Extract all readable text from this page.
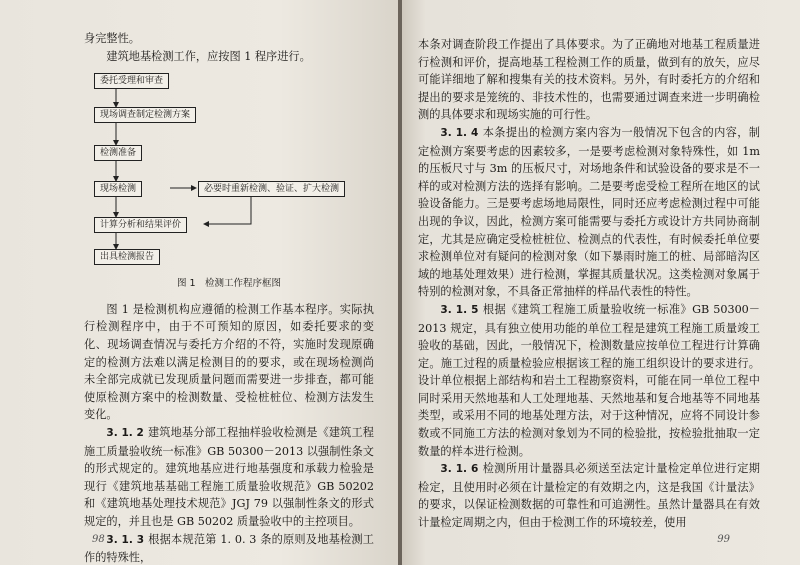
身完整性。

建筑地基检测工作，应按图 1 程序进行。

委托受理和审查
现场调查制定检测方案
检测准备
现场检测	必要时重新检测、验证、扩大检测
计算分析和结果评价
出具检测报告

图 1　检测工作程序框图

图 1 是检测机构应遵循的检测工作基本程序。实际执行检测程序中，由于不可预知的原因，如委托要求的变化、现场调查情况与委托方介绍的不符，实施时发现原确定的检测方法难以满足检测目的的要求，或在现场检测尚未全部完成就已发现质量问题而需要进一步排查，都可能使原检测方案中的检测数量、受检桩桩位、检测方法发生变化。

3. 1. 2 建筑地基分部工程抽样验收检测是《建筑工程施工质量验收统一标准》GB 50300－2013 以强制性条文的形式规定的。建筑地基应进行地基强度和承载力检验是现行《建筑地基基础工程施工质量验收规范》GB 50202 和《建筑地基处理技术规范》JGJ 79 以强制性条文的形式规定的，并且也是 GB 50202 质量验收中的主控项目。

3. 1. 3 根据本规范第 1. 0. 3 条的原则及地基检测工作的特殊性，

98

本条对调查阶段工作提出了具体要求。为了正确地对地基工程质量进行检测和评价，提高地基工程检测工作的质量，做到有的放矢，应尽可能详细地了解和搜集有关的技术资料。另外，有时委托方的介绍和提出的要求是笼统的、非技术性的，也需要通过调查来进一步明确检测的具体要求和现场实施的可行性。

3. 1. 4 本条提出的检测方案内容为一般情况下包含的内容，制定检测方案要考虑的因素较多，一是要考虑检测对象特殊性，如 1m 的压板尺寸与 3m 的压板尺寸，对场地条件和试验设备的要求是不一样的或对检测方法的选择有影响。二是要考虑受检工程所在地区的试验设备能力。三是要考虑场地局限性，同时还应考虑检测过程中可能出现的争议，因此，检测方案可能需要与委托方或设计方共同协商制定，尤其是应确定受检桩桩位、检测点的代表性，有时候委托单位要求检测单位对有疑问的检测对象（如下暴雨时施工的桩、局部暗沟区域的地基处理效果）进行检测，掌握其质量状况。这类检测对象属于特别的检测对象，不具备正常抽样的样品代表性的特性。

3. 1. 5 根据《建筑工程施工质量验收统一标准》GB 50300－2013 规定，具有独立使用功能的单位工程是建筑工程施工质量竣工验收的基础，因此，一般情况下，检测数量应按单位工程进行计算确定。施工过程的质量检验应根据该工程的施工组织设计的要求进行。设计单位根据上部结构和岩土工程勘察资料，可能在同一单位工程中同时采用天然地基和人工处理地基、天然地基和复合地基等不同地基类型，或采用不同的地基处理方法，对于这种情况，应将不同设计参数或不同施工方法的检测对象划为不同的检验批，按检验批抽取一定数量的样本进行检测。

3. 1. 6 检测所用计量器具必须送至法定计量检定单位进行定期检定，且使用时必须在计量检定的有效期之内，这是我国《计量法》的要求，以保证检测数据的可靠性和可追溯性。虽然计量器具在有效计量检定周期之内，但由于检测工作的环境较差，使用

99
